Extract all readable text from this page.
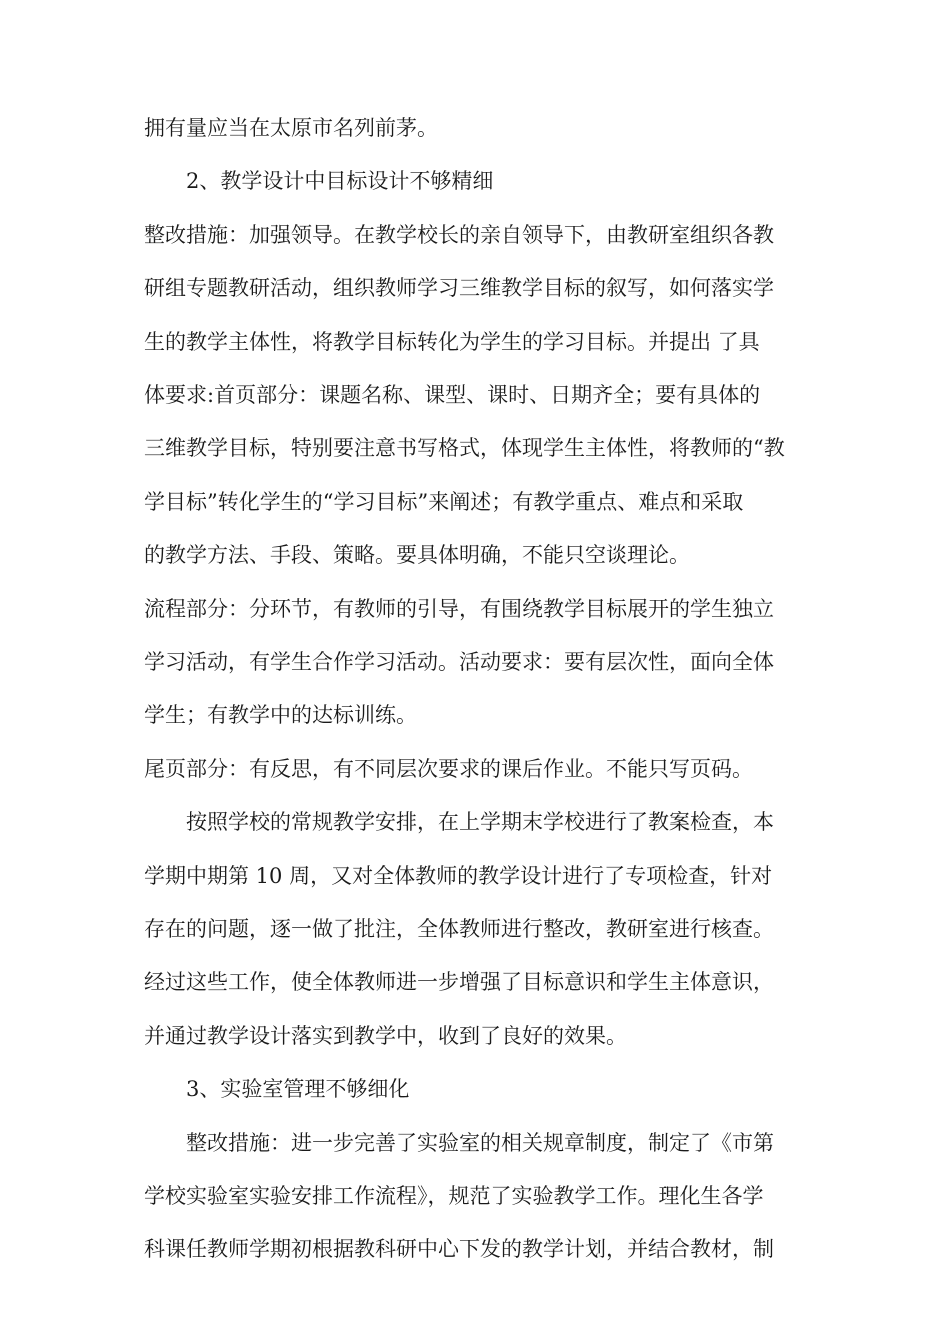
拥有量应当在太原市名列前茅。
2、教学设计中目标设计不够精细
整改措施：加强领导。在教学校长的亲自领导下，由教研室组织各教
研组专题教研活动，组织教师学习三维教学目标的叙写，如何落实学
生的教学主体性，将教学目标转化为学生的学习目标。并提出 了具
体要求:首页部分：课题名称、课型、课时、日期齐全；要有具体的
三维教学目标，特别要注意书写格式，体现学生主体性，将教师的“教
学目标”转化学生的“学习目标”来阐述；有教学重点、难点和采取
的教学方法、手段、策略。要具体明确，不能只空谈理论。
流程部分：分环节，有教师的引导，有围绕教学目标展开的学生独立
学习活动，有学生合作学习活动。活动要求：要有层次性，面向全体
学生；有教学中的达标训练。
尾页部分：有反思，有不同层次要求的课后作业。不能只写页码。
按照学校的常规教学安排，在上学期末学校进行了教案检查，本
学期中期第 10 周，又对全体教师的教学设计进行了专项检查，针对
存在的问题，逐一做了批注，全体教师进行整改，教研室进行核查。
经过这些工作，使全体教师进一步增强了目标意识和学生主体意识，
并通过教学设计落实到教学中，收到了良好的效果。
3、实验室管理不够细化
整改措施：进一步完善了实验室的相关规章制度，制定了《市第
学校实验室实验安排工作流程》，规范了实验教学工作。理化生各学
科课任教师学期初根据教科研中心下发的教学计划，并结合教材，制
